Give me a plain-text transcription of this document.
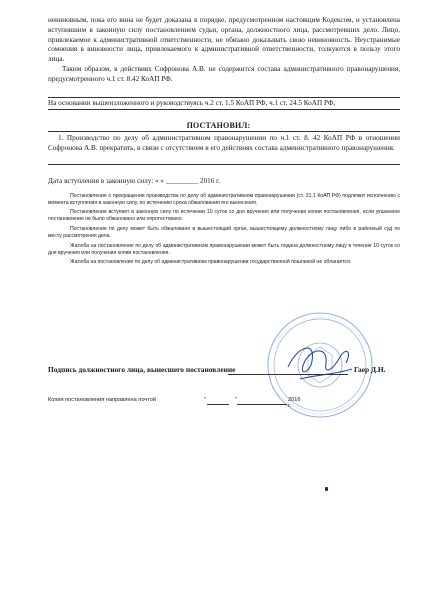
невиновным, пока его вина не будет доказана в порядке, предусмотренном настоящим Кодексом, и установлена вступившим в законную силу постановлением судьи, органа, должностного лица, рассмотревших дело. Лицо, привлекаемое к административной ответственности, не обязано доказывать свою невиновность. Неустранимые сомнения в виновности лица, привлекаемого к административной ответственности, толкуются в пользу этого лица.
Таким образом, в действиях Софронова А.В. не содержится состава административного правонарушения, предусмотренного ч.1 ст. 8.42 КоАП РФ.
На основании вышеизложенного и руководствуясь ч.2 ст. 1.5 КоАП РФ, ч.1 ст. 24.5 КоАП РФ,
ПОСТАНОВИЛ:
1. Производство по делу об административном правонарушении по ч.1 ст. 8. 42 КоАП РФ в отношении Софронова А.В. прекратить, в связи с отсутствием в его действиях состава административного правонарушения.
Дата вступления в законную силу: « » _________ 2016 г.
Постановление о прекращении производства по делу об административном правонарушении (ст. 31.1 КоАП РФ) подлежит исполнению с момента вступления в законную силу, по истечению срока обжалования его вынесения.
Постановление вступает в законную силу по истечении 10 суток со дня вручения или получения копии постановления, если указанное постановление не было обжаловано или опротестовано.
Постановление по делу может быть обжаловано в вышестоящий орган, вышестоящему должностному лицу либо в районный суд по месту рассмотрения дела.
Жалоба на постановление по делу об административном правонарушении может быть подана должностному лицу в течение 10 суток со дня вручения или получения копии постановления.
Жалоба на постановление по делу об административном правонарушении государственной пошлиной не облагается.
Подпись должностного лица, вынесшего постановление	Гаер Д.Н.
Копия постановления направлена почтой	"	"	2016 г.
